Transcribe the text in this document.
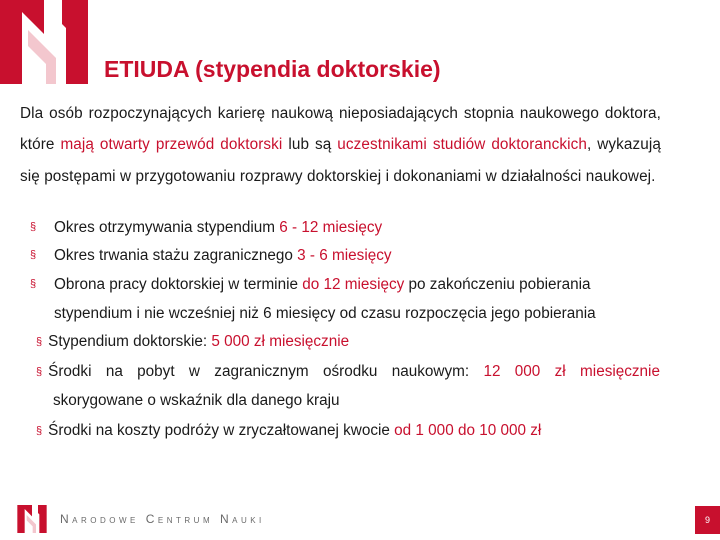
ETIUDA (stypendia doktorskie)
Dla osób rozpoczynających karierę naukową nieposiadających stopnia naukowego doktora, które mają otwarty przewód doktorski lub są uczestnikami studiów doktoranckich, wykazują się postępami w przygotowaniu rozprawy doktorskiej i dokonaniami w działalności naukowej.
§ Okres otrzymywania stypendium 6 - 12 miesięcy
§ Okres trwania stażu zagranicznego 3 - 6 miesięcy
§ Obrona pracy doktorskiej w terminie do 12 miesięcy po zakończeniu pobierania
stypendium i nie wcześniej niż 6 miesięcy od czasu rozpoczęcia jego pobierania
§ Stypendium doktorskie: 5 000 zł miesięcznie
§ Środki na pobyt w zagranicznym ośrodku naukowym: 12 000 zł miesięcznie
skorygowane o wskaźnik dla danego kraju
§ Środki na koszty podróży w zryczałtowanej kwocie od 1 000 do 10 000 zł
Narodowe Centrum Nauki	9
